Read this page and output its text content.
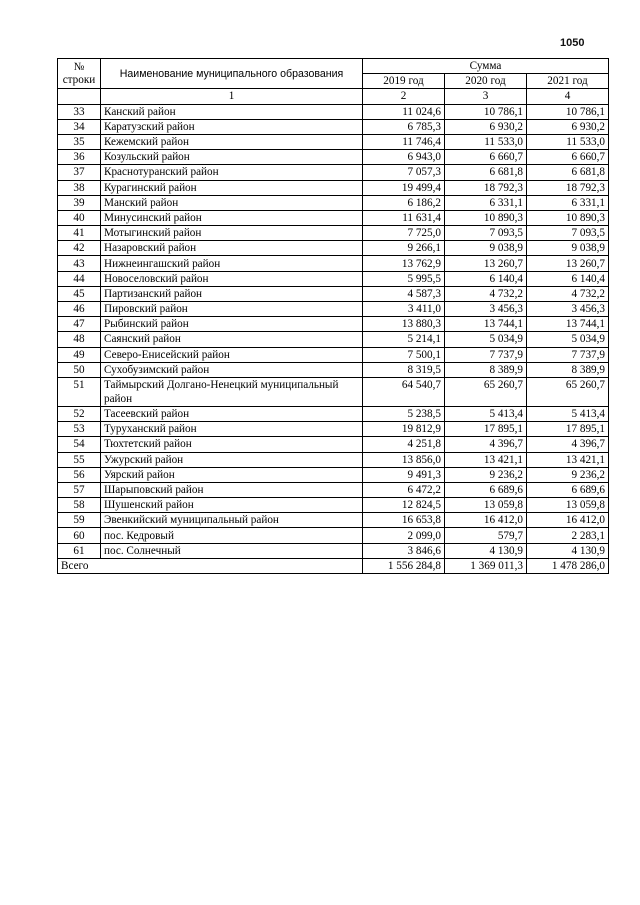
1050
№ строки	Наименование муниципального образования	Сумма		
		2019 год	2020 год	2021 год
	1	2	3	4
33	Канский район	11 024,6	10 786,1	10 786,1
34	Каратузский район	6 785,3	6 930,2	6 930,2
35	Кежемский район	11 746,4	11 533,0	11 533,0
36	Козульский район	6 943,0	6 660,7	6 660,7
37	Краснотуранский район	7 057,3	6 681,8	6 681,8
38	Курагинский район	19 499,4	18 792,3	18 792,3
39	Манский район	6 186,2	6 331,1	6 331,1
40	Минусинский район	11 631,4	10 890,3	10 890,3
41	Мотыгинский район	7 725,0	7 093,5	7 093,5
42	Назаровский район	9 266,1	9 038,9	9 038,9
43	Нижнеингашский район	13 762,9	13 260,7	13 260,7
44	Новоселовский район	5 995,5	6 140,4	6 140,4
45	Партизанский район	4 587,3	4 732,2	4 732,2
46	Пировский район	3 411,0	3 456,3	3 456,3
47	Рыбинский район	13 880,3	13 744,1	13 744,1
48	Саянский район	5 214,1	5 034,9	5 034,9
49	Северо-Енисейский район	7 500,1	7 737,9	7 737,9
50	Сухобузимский район	8 319,5	8 389,9	8 389,9
51	Таймырский Долгано-Ненецкий муниципальный район	64 540,7	65 260,7	65 260,7
52	Тасеевский район	5 238,5	5 413,4	5 413,4
53	Туруханский район	19 812,9	17 895,1	17 895,1
54	Тюхтетский район	4 251,8	4 396,7	4 396,7
55	Ужурский район	13 856,0	13 421,1	13 421,1
56	Уярский район	9 491,3	9 236,2	9 236,2
57	Шарыповский район	6 472,2	6 689,6	6 689,6
58	Шушенский район	12 824,5	13 059,8	13 059,8
59	Эвенкийский муниципальный район	16 653,8	16 412,0	16 412,0
60	пос. Кедровый	2 099,0	579,7	2 283,1
61	пос. Солнечный	3 846,6	4 130,9	4 130,9
Всего		1 556 284,8	1 369 011,3	1 478 286,0
